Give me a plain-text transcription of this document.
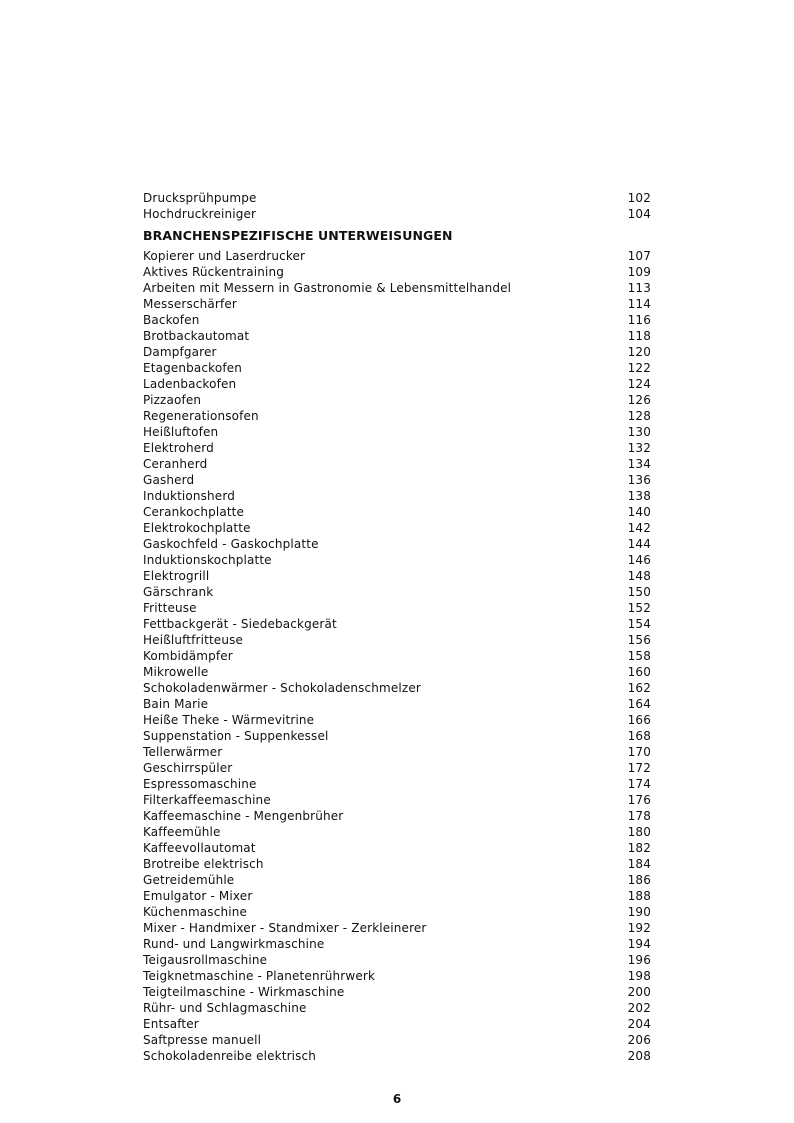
Drucksprühpumpe	102
Hochdruckreiniger	104
BRANCHENSPEZIFISCHE UNTERWEISUNGEN
Kopierer und Laserdrucker	107
Aktives Rückentraining	109
Arbeiten mit Messern in Gastronomie & Lebensmittelhandel	113
Messerschärfer	114
Backofen	116
Brotbackautomat	118
Dampfgarer	120
Etagenbackofen	122
Ladenbackofen	124
Pizzaofen	126
Regenerationsofen	128
Heißluftofen	130
Elektroherd	132
Ceranherd	134
Gasherd	136
Induktionsherd	138
Cerankochplatte	140
Elektrokochplatte	142
Gaskochfeld - Gaskochplatte	144
Induktionskochplatte	146
Elektrogrill	148
Gärschrank	150
Fritteuse	152
Fettbackgerät - Siedebackgerät	154
Heißluftfritteuse	156
Kombidämpfer	158
Mikrowelle	160
Schokoladenwärmer - Schokoladenschmelzer	162
Bain Marie	164
Heiße Theke - Wärmevitrine	166
Suppenstation - Suppenkessel	168
Tellerwärmer	170
Geschirrspüler	172
Espressomaschine	174
Filterkaffeemaschine	176
Kaffeemaschine - Mengenbrüher	178
Kaffeemühle	180
Kaffeevollautomat	182
Brotreibe elektrisch	184
Getreidemühle	186
Emulgator - Mixer	188
Küchenmaschine	190
Mixer - Handmixer - Standmixer - Zerkleinerer	192
Rund- und Langwirkmaschine	194
Teigausrollmaschine	196
Teigknetmaschine - Planetenrührwerk	198
Teigteilmaschine - Wirkmaschine	200
Rühr- und Schlagmaschine	202
Entsafter	204
Saftpresse manuell	206
Schokoladenreibe elektrisch	208
6
